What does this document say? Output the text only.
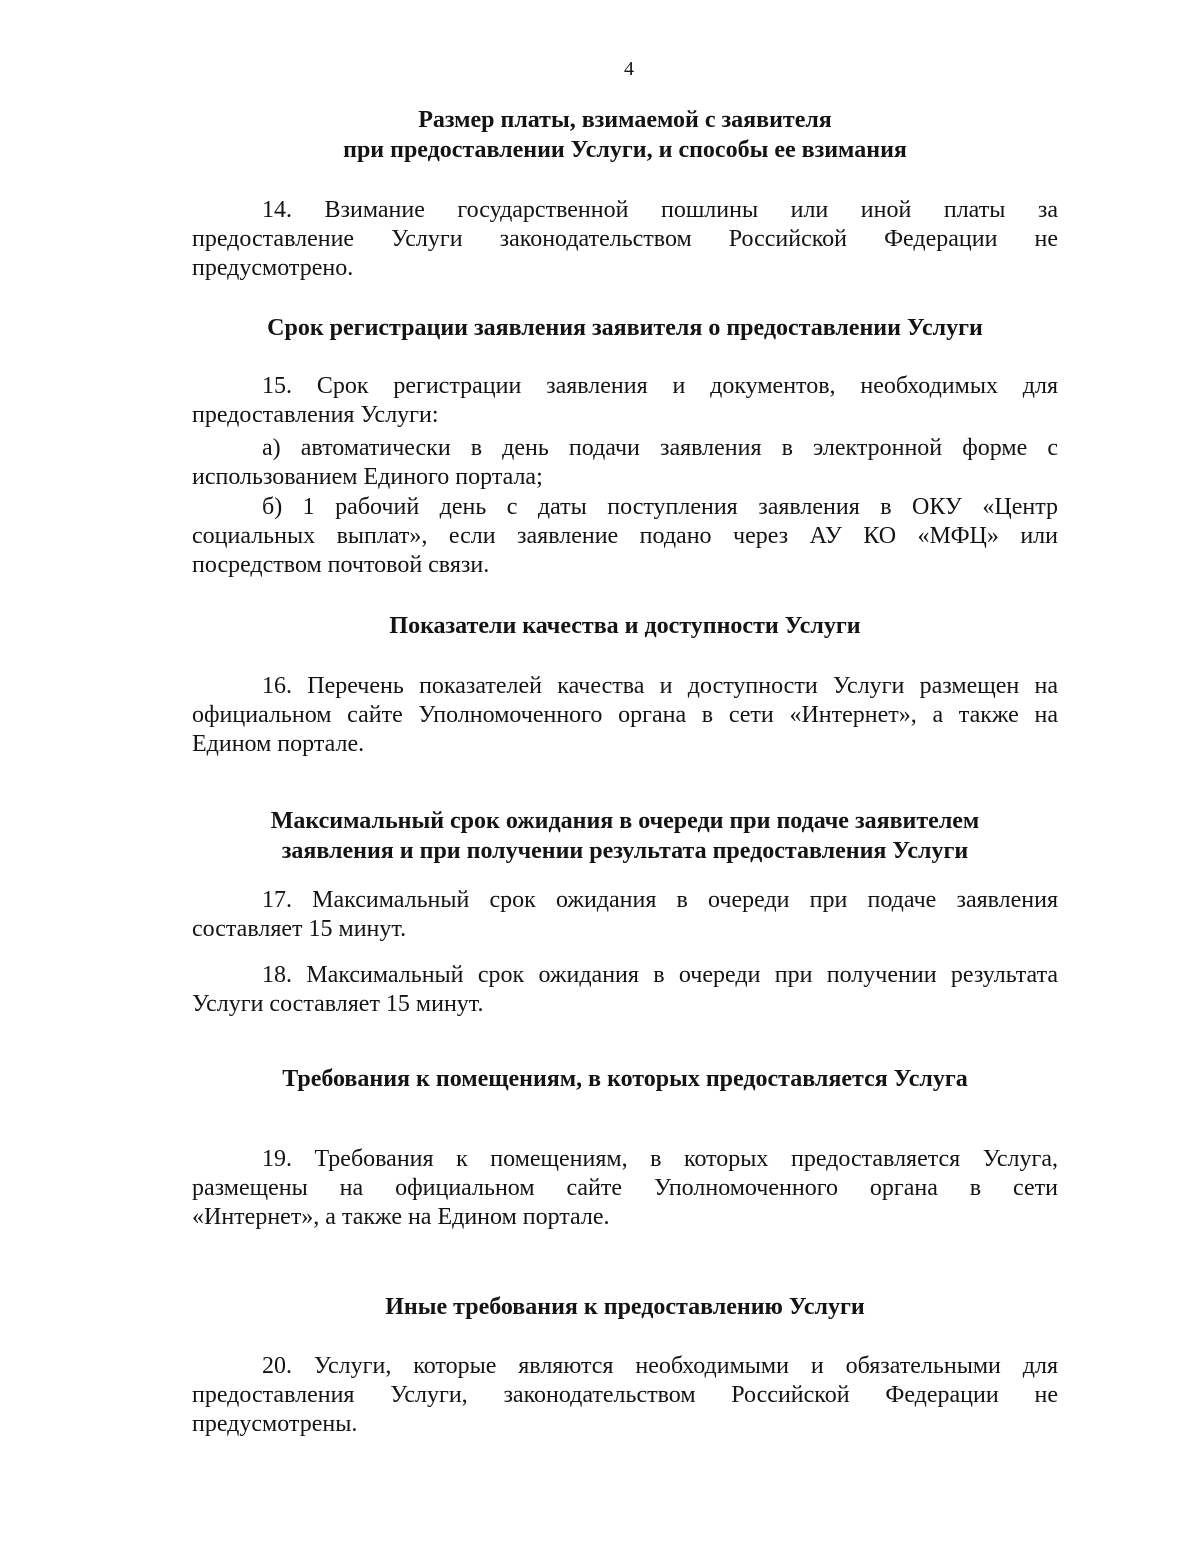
4
Размер платы, взимаемой с заявителя
при предоставлении Услуги, и способы ее взимания
14. Взимание государственной пошлины или иной платы за
предоставление Услуги законодательством Российской Федерации не
предусмотрено.
Срок регистрации заявления заявителя о предоставлении Услуги
15. Срок регистрации заявления и документов, необходимых для
предоставления Услуги:
а) автоматически в день подачи заявления в электронной форме с
использованием Единого портала;
б) 1 рабочий день с даты поступления заявления в ОКУ «Центр
социальных выплат», если заявление подано через АУ КО «МФЦ» или
посредством почтовой связи.
Показатели качества и доступности Услуги
16. Перечень показателей качества и доступности Услуги размещен на
официальном сайте Уполномоченного органа в сети «Интернет», а также на
Едином портале.
Максимальный срок ожидания в очереди при подаче заявителем
заявления и при получении результата предоставления Услуги
17. Максимальный срок ожидания в очереди при подаче заявления
составляет 15 минут.
18. Максимальный срок ожидания в очереди при получении результата
Услуги составляет 15 минут.
Требования к помещениям, в которых предоставляется Услуга
19. Требования к помещениям, в которых предоставляется Услуга,
размещены на официальном сайте Уполномоченного органа в сети
«Интернет», а также на Едином портале.
Иные требования к предоставлению Услуги
20. Услуги, которые являются необходимыми и обязательными для
предоставления Услуги, законодательством Российской Федерации не
предусмотрены.
